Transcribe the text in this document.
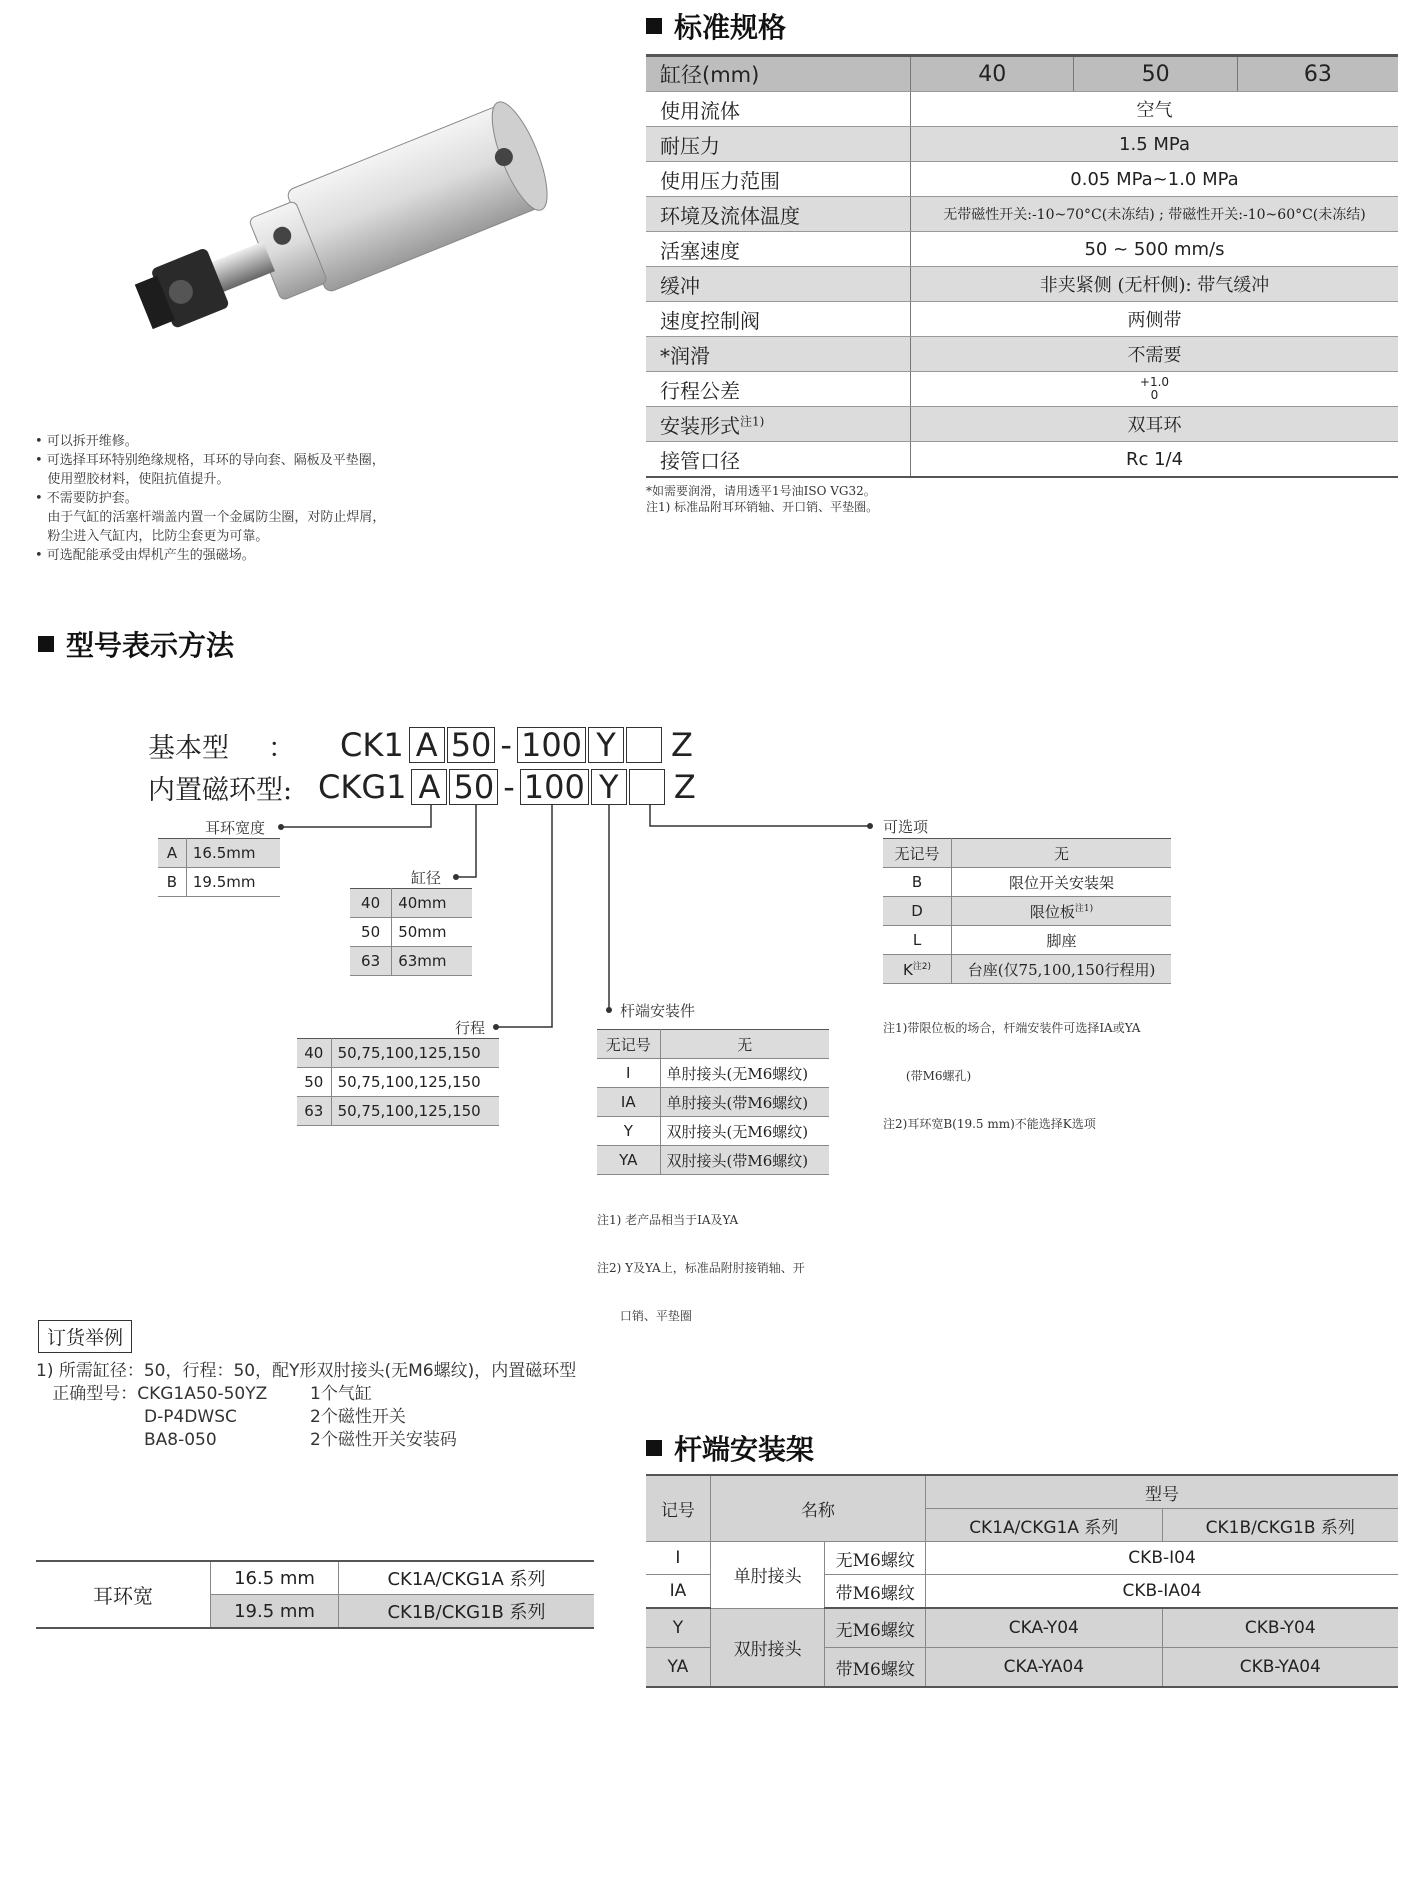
• 可以拆开维修。
• 可选择耳环特别绝缘规格，耳环的导向套、隔板及平垫圈，
使用塑胶材料，使阻抗值提升。
• 不需要防护套。
由于气缸的活塞杆端盖内置一个金属防尘圈，对防止焊屑，
粉尘进入气缸内，比防尘套更为可靠。
• 可选配能承受由焊机产生的强磁场。
标准规格
缸径(mm)	40	50	63
使用流体	空气		
耐压力	1.5 MPa		
使用压力范围	0.05 MPa~1.0 MPa		
环境及流体温度	无带磁性开关:-10~70°C(未冻结) ; 带磁性开关:-10~60°C(未冻结)		
活塞速度	50 ~ 500 mm/s		
缓冲	非夹紧侧 (无杆侧): 带气缓冲		
速度控制阀	两侧带		
*润滑	不需要		
行程公差	+1.0
0		

安装形式$^{注1)}$	双耳环		
接管口径	Rc 1/4		
*如需要润滑，请用透平1号油ISO VG32。
注1) 标准品附耳环销轴、开口销、平垫圈。
型号表示方法
基本型	：	CK1 A 50 - 100 Y Z
内置磁环型: CKG1 A 50 - 100 Y Z
耳环宽度
A	16.5mm
B	19.5mm	缸径
40	40mm
50	50mm
63	63mm
行程
40	50,75,100,125,150
50	50,75,100,125,150
63	50,75,100,125,150
杆端安装件
无记号	无
I	单肘接头(无M6螺纹)
IA	单肘接头(带M6螺纹)
Y	双肘接头(无M6螺纹)
YA	双肘接头(带M6螺纹)

注1) 老产品相当于IA及YA

注2) Y及YA上，标准品附肘接销轴、开

口销、平垫圈

可选项
无记号	无
B	限位开关安装架
D	限位板$^{注1)}$
L	脚座
$K^{注2)}$	台座(仅75,100,150行程用)

注1)带限位板的场合，杆端安装件可选择IA或YA

(带M6螺孔)

注2)耳环宽B(19.5 mm)不能选择K选项

订货举例
1) 所需缸径：50，行程：50，配Y形双肘接头(无M6螺纹)，内置磁环型
正确型号：CKG1A50-50YZ	1个气缸
D-P4DWSC	2个磁性开关
BA8-050	2个磁性开关安装码
耳环宽	16.5 mm	CK1A/CKG1A 系列
	19.5 mm	CK1B/CKG1B 系列
杆端安装架
记号	名称		型号	
			CK1A/CKG1A 系列	CK1B/CKG1B 系列
I	单肘接头	无M6螺纹	CKB-I04	
IA		带M6螺纹	CKB-IA04	
Y	双肘接头	无M6螺纹	CKA-Y04	CKB-Y04
YA		带M6螺纹	CKA-YA04	CKB-YA04
